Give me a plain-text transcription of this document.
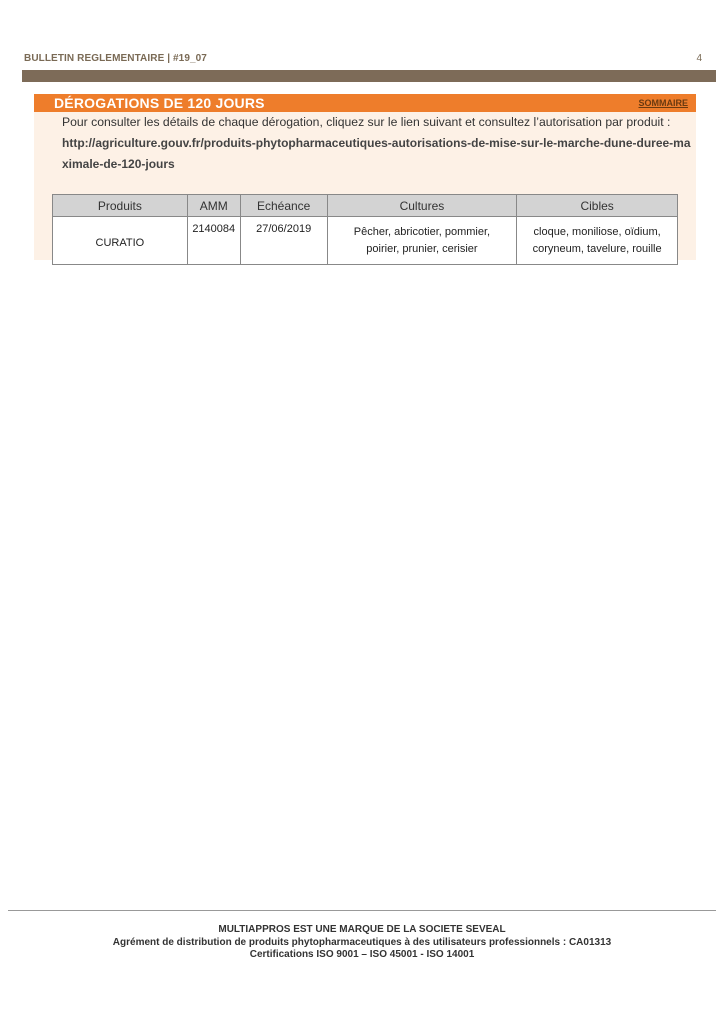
BULLETIN REGLEMENTAIRE | #19_07	4
DÉROGATIONS DE 120 JOURS	SOMMAIRE
Pour consulter les détails de chaque dérogation, cliquez sur le lien suivant et consultez l’autorisation par produit :
http://agriculture.gouv.fr/produits-phytopharmaceutiques-autorisations-de-mise-sur-le-marche-dune-duree-maximale-de-120-jours
Produits	AMM	Echéance	Cultures	Cibles
CURATIO	2140084	27/06/2019	Pêcher, abricotier, pommier, poirier, prunier, cerisier	cloque, moniliose, oïdium, coryneum, tavelure, rouille
MULTIAPPROS EST UNE MARQUE DE LA SOCIETE SEVEAL
Agrément de distribution de produits phytopharmaceutiques à des utilisateurs professionnels : CA01313
Certifications ISO 9001 – ISO 45001 - ISO 14001
